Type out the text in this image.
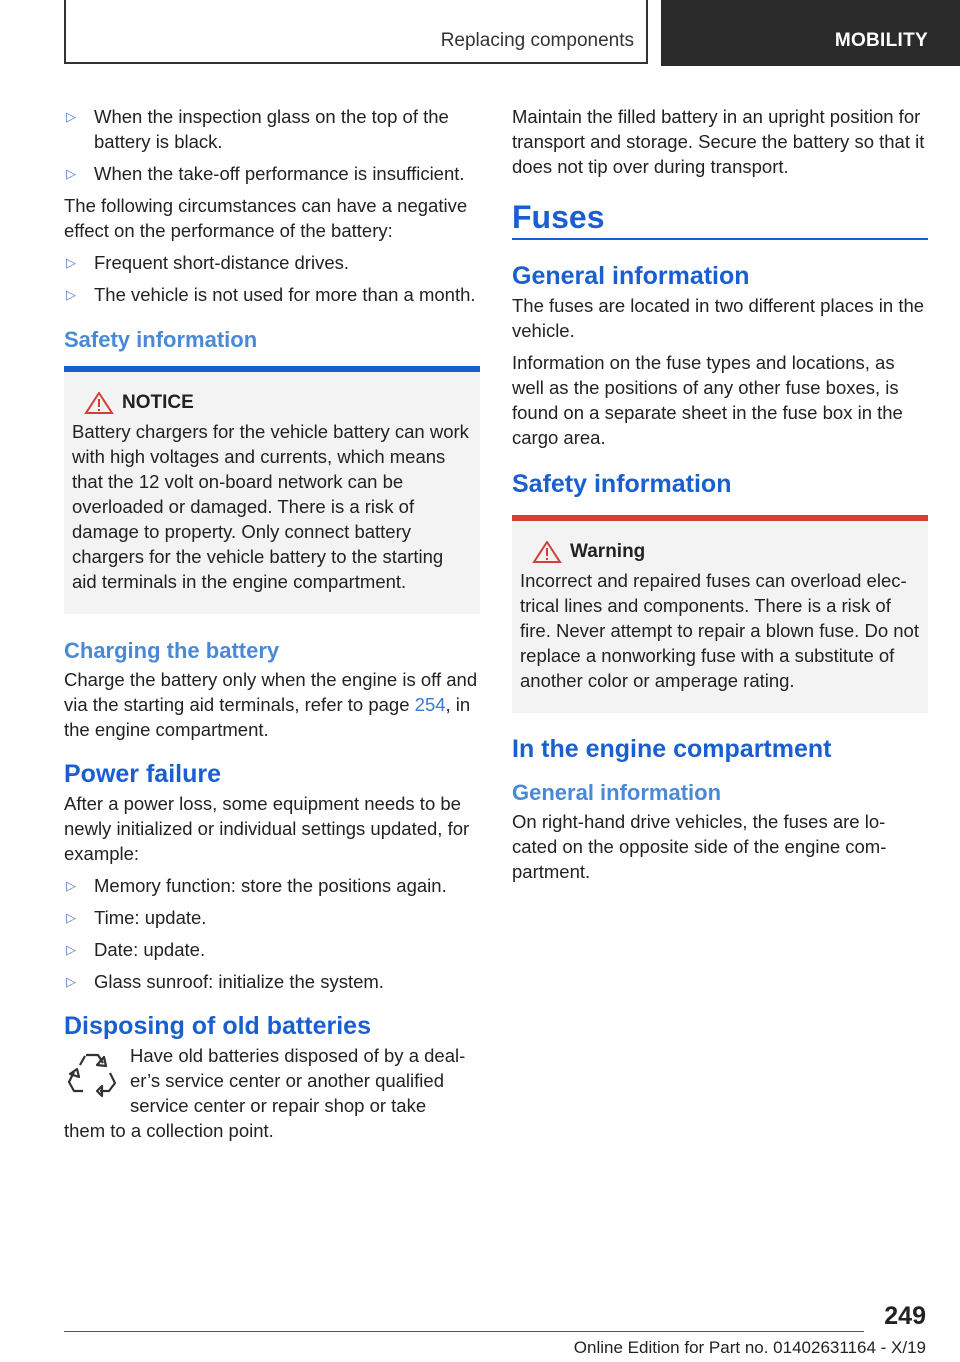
Replacing components	MOBILITY
▷ When the inspection glass on the top of the battery is black.
▷ When the take-off performance is insufficient.

The following circumstances can have a negative effect on the performance of the battery:

▷ Frequent short-distance drives.
▷ The vehicle is not used for more than a month.
Safety information
NOTICE
Battery chargers for the vehicle battery can work with high voltages and currents, which means that the 12 volt on-board network can be overloaded or damaged. There is a risk of damage to property. Only connect battery chargers for the vehicle battery to the starting aid terminals in the engine compartment.
Charging the battery

Charge the battery only when the engine is off and via the starting aid terminals, refer to page 254, in the engine compartment.

Power failure

After a power loss, some equipment needs to be newly initialized or individual settings updated, for example:

▷ Memory function: store the positions again.
▷ Time: update.
▷ Date: update.
▷ Glass sunroof: initialize the system.
Disposing of old batteries

Have old batteries disposed of by a deal-er’s service center or another qualified service center or repair shop or take

them to a collection point.

Maintain the filled battery in an upright position for transport and storage. Secure the battery so that it does not tip over during transport.

Fuses
General information

The fuses are located in two different places in the vehicle.

Information on the fuse types and locations, as well as the positions of any other fuse boxes, is found on a separate sheet in the fuse box in the cargo area.

Safety information
Warning
Incorrect and repaired fuses can overload elec-trical lines and components. There is a risk of fire. Never attempt to repair a blown fuse. Do not replace a nonworking fuse with a substitute of another color or amperage rating.
In the engine compartment
General information

On right-hand drive vehicles, the fuses are lo-cated on the opposite side of the engine com-partment.

249
Online Edition for Part no. 01402631164 - X/19
